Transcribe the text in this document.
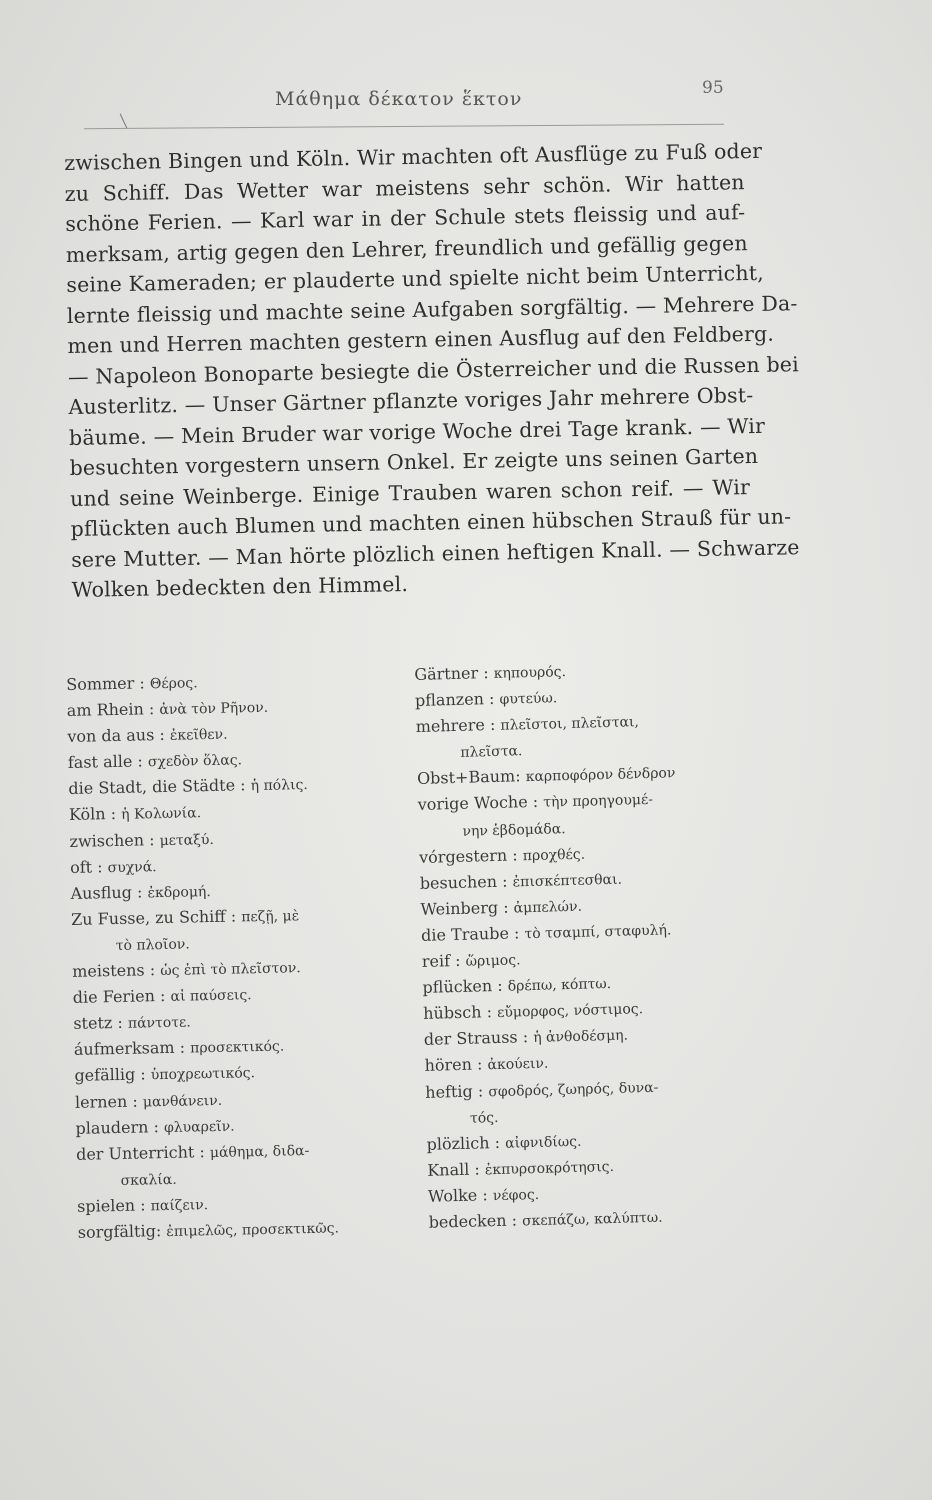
Μάθημα δέκατον ἕκτον	95
zwischen Bingen und Köln. Wir machten oft Ausflüge zu Fuß oder
zu Schiff. Das Wetter war meistens sehr schön. Wir hatten
schöne Ferien. — Karl war in der Schule stets fleissig und auf-
merksam, artig gegen den Lehrer, freundlich und gefällig gegen
seine Kameraden; er plauderte und spielte nicht beim Unterricht,
lernte fleissig und machte seine Aufgaben sorgfältig. — Mehrere Da-
men und Herren machten gestern einen Ausflug auf den Feldberg.
— Napoleon Bonoparte besiegte die Österreicher und die Russen bei
Austerlitz. — Unser Gärtner pflanzte voriges Jahr mehrere Obst-
bäume. — Mein Bruder war vorige Woche drei Tage krank. — Wir
besuchten vorgestern unsern Onkel. Er zeigte uns seinen Garten
und seine Weinberge. Einige Trauben waren schon reif. — Wir
pflückten auch Blumen und machten einen hübschen Strauß für un-
sere Mutter. — Man hörte plözlich einen heftigen Knall. — Schwarze
Wolken bedeckten den Himmel.
Sommer : Θέρος.
am Rhein : ἀνὰ τὸν Ρῆνον.
von da aus : ἐκεῖθεν.
fast alle : σχεδὸν ὅλας.
die Stadt, die Städte : ἡ πόλις.
Köln : ἡ Κολωνία.
zwischen : μεταξύ.
oft : συχνά.
Ausflug : ἐκδρομή.
Zu Fusse, zu Schiff : πεζῇ, μὲ
τὸ πλοῖον.
meistens : ὡς ἐπὶ τὸ πλεῖστον.
die Ferien : αἱ παύσεις.
stetz : πάντοτε.
áufmerksam : προσεκτικός.
gefällig : ὑποχρεωτικός.
lernen : μανθάνειν.
plaudern : φλυαρεῖν.
der Unterricht : μάθημα, διδα-
σκαλία.
spielen : παίζειν.
sorgfältig: ἐπιμελῶς, προσεκτικῶς.
Gärtner : κηπουρός.
pflanzen : φυτεύω.
mehrere : πλεῖστοι, πλεῖσται,
πλεῖστα.
Obst+Baum: καρποφόρον δένδρον
vorige Woche : τὴν προηγουμέ-
νην ἑβδομάδα.
vórgestern : προχθές.
besuchen : ἐπισκέπτεσθαι.
Weinberg : ἀμπελών.
die Traube : τὸ τσαμπί, σταφυλή.
reif : ὥριμος.
pflücken : δρέπω, κόπτω.
hübsch : εὔμορφος, νόστιμος.
der Strauss : ἡ ἀνθοδέσμη.
hören : ἀκούειν.
heftig : σφοδρός, ζωηρός, δυνα-
τός.
plözlich : αἰφνιδίως.
Knall : ἐκπυρσοκρότησις.
Wolke : νέφος.
bedecken : σκεπάζω, καλύπτω.
